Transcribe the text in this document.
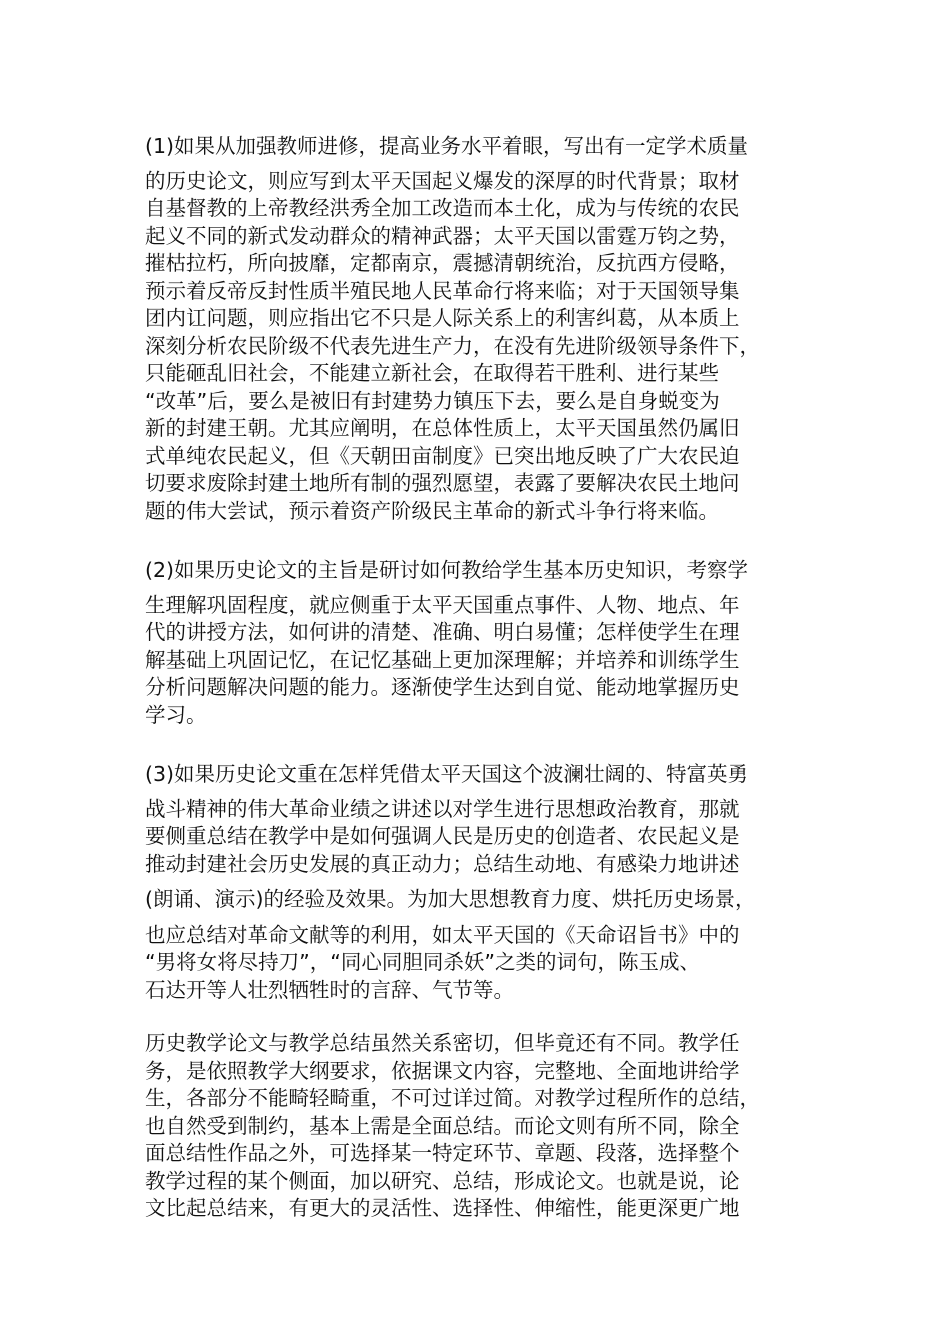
(1)如果从加强教师进修，提高业务水平着眼，写出有一定学术质量
的历史论文，则应写到太平天国起义爆发的深厚的时代背景；取材
自基督教的上帝教经洪秀全加工改造而本土化，成为与传统的农民
起义不同的新式发动群众的精神武器；太平天国以雷霆万钧之势，
摧枯拉朽，所向披靡，定都南京，震撼清朝统治，反抗西方侵略，
预示着反帝反封性质半殖民地人民革命行将来临；对于天国领导集
团内讧问题，则应指出它不只是人际关系上的利害纠葛，从本质上
深刻分析农民阶级不代表先进生产力，在没有先进阶级领导条件下，
只能砸乱旧社会，不能建立新社会，在取得若干胜利、进行某些
“改革”后，要么是被旧有封建势力镇压下去，要么是自身蜕变为
新的封建王朝。尤其应阐明，在总体性质上，太平天国虽然仍属旧
式单纯农民起义，但《天朝田亩制度》已突出地反映了广大农民迫
切要求废除封建土地所有制的强烈愿望，表露了要解决农民土地问
题的伟大尝试，预示着资产阶级民主革命的新式斗争行将来临。
(2)如果历史论文的主旨是研讨如何教给学生基本历史知识，考察学
生理解巩固程度，就应侧重于太平天国重点事件、人物、地点、年
代的讲授方法，如何讲的清楚、准确、明白易懂；怎样使学生在理
解基础上巩固记忆，在记忆基础上更加深理解；并培养和训练学生
分析问题解决问题的能力。逐渐使学生达到自觉、能动地掌握历史
学习。
(3)如果历史论文重在怎样凭借太平天国这个波澜壮阔的、特富英勇
战斗精神的伟大革命业绩之讲述以对学生进行思想政治教育，那就
要侧重总结在教学中是如何强调人民是历史的创造者、农民起义是
推动封建社会历史发展的真正动力；总结生动地、有感染力地讲述
(朗诵、演示)的经验及效果。为加大思想教育力度、烘托历史场景，
也应总结对革命文献等的利用，如太平天国的《天命诏旨书》中的
“男将女将尽持刀”，“同心同胆同杀妖”之类的词句，陈玉成、
石达开等人壮烈牺牲时的言辞、气节等。
历史教学论文与教学总结虽然关系密切，但毕竟还有不同。教学任
务，是依照教学大纲要求，依据课文内容，完整地、全面地讲给学
生，各部分不能畸轻畸重，不可过详过简。对教学过程所作的总结，
也自然受到制约，基本上需是全面总结。而论文则有所不同，除全
面总结性作品之外，可选择某一特定环节、章题、段落，选择整个
教学过程的某个侧面，加以研究、总结，形成论文。也就是说，论
文比起总结来，有更大的灵活性、选择性、伸缩性，能更深更广地
